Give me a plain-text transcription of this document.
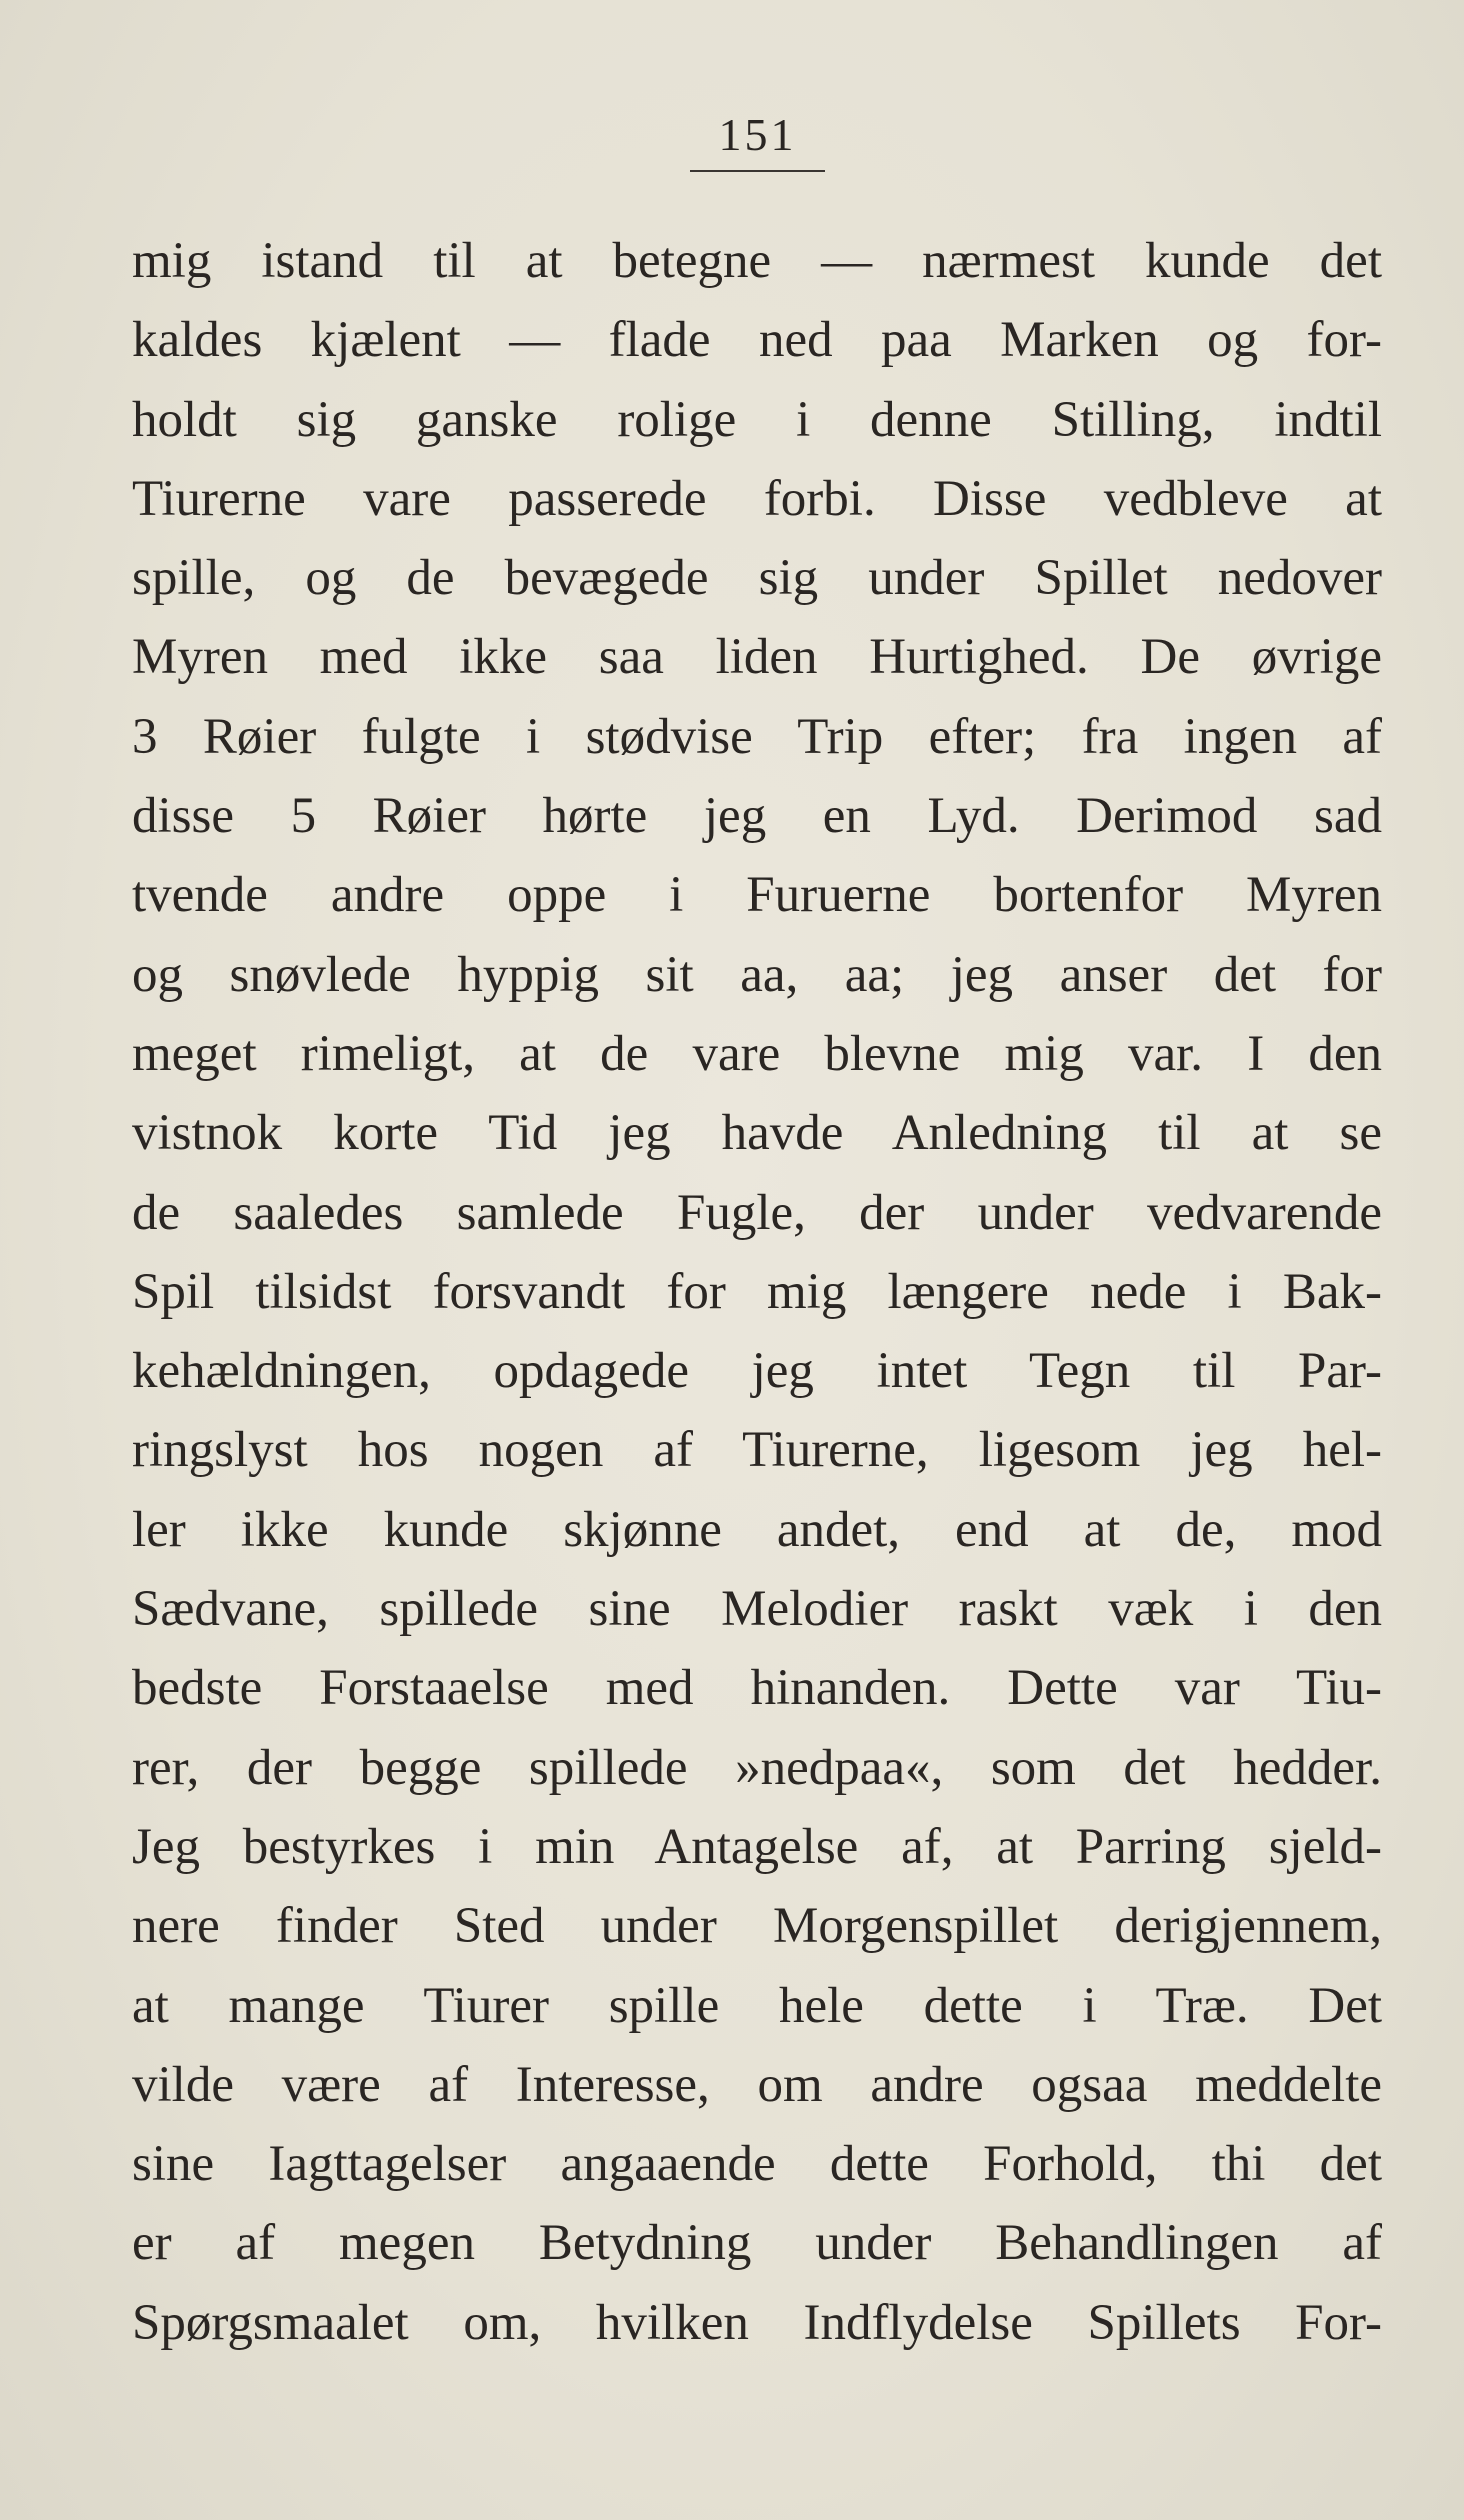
151
mig istand til at betegne — nærmest kunde det
kaldes kjælent — flade ned paa Marken og for-
holdt sig ganske rolige i denne Stilling, indtil
Tiurerne vare passerede forbi. Disse vedbleve at
spille, og de bevægede sig under Spillet nedover
Myren med ikke saa liden Hurtighed. De øvrige
3 Røier fulgte i stødvise Trip efter; fra ingen af
disse 5 Røier hørte jeg en Lyd. Derimod sad
tvende andre oppe i Furuerne bortenfor Myren
og snøvlede hyppig sit aa, aa; jeg anser det for
meget rimeligt, at de vare blevne mig var. I den
vistnok korte Tid jeg havde Anledning til at se
de saaledes samlede Fugle, der under vedvarende
Spil tilsidst forsvandt for mig længere nede i Bak-
kehældningen, opdagede jeg intet Tegn til Par-
ringslyst hos nogen af Tiurerne, ligesom jeg hel-
ler ikke kunde skjønne andet, end at de, mod
Sædvane, spillede sine Melodier raskt væk i den
bedste Forstaaelse med hinanden. Dette var Tiu-
rer, der begge spillede »nedpaa«, som det hedder.
Jeg bestyrkes i min Antagelse af, at Parring sjeld-
nere finder Sted under Morgenspillet derigjennem,
at mange Tiurer spille hele dette i Træ. Det
vilde være af Interesse, om andre ogsaa meddelte
sine Iagttagelser angaaende dette Forhold, thi det
er af megen Betydning under Behandlingen af
Spørgsmaalet om, hvilken Indflydelse Spillets For-
